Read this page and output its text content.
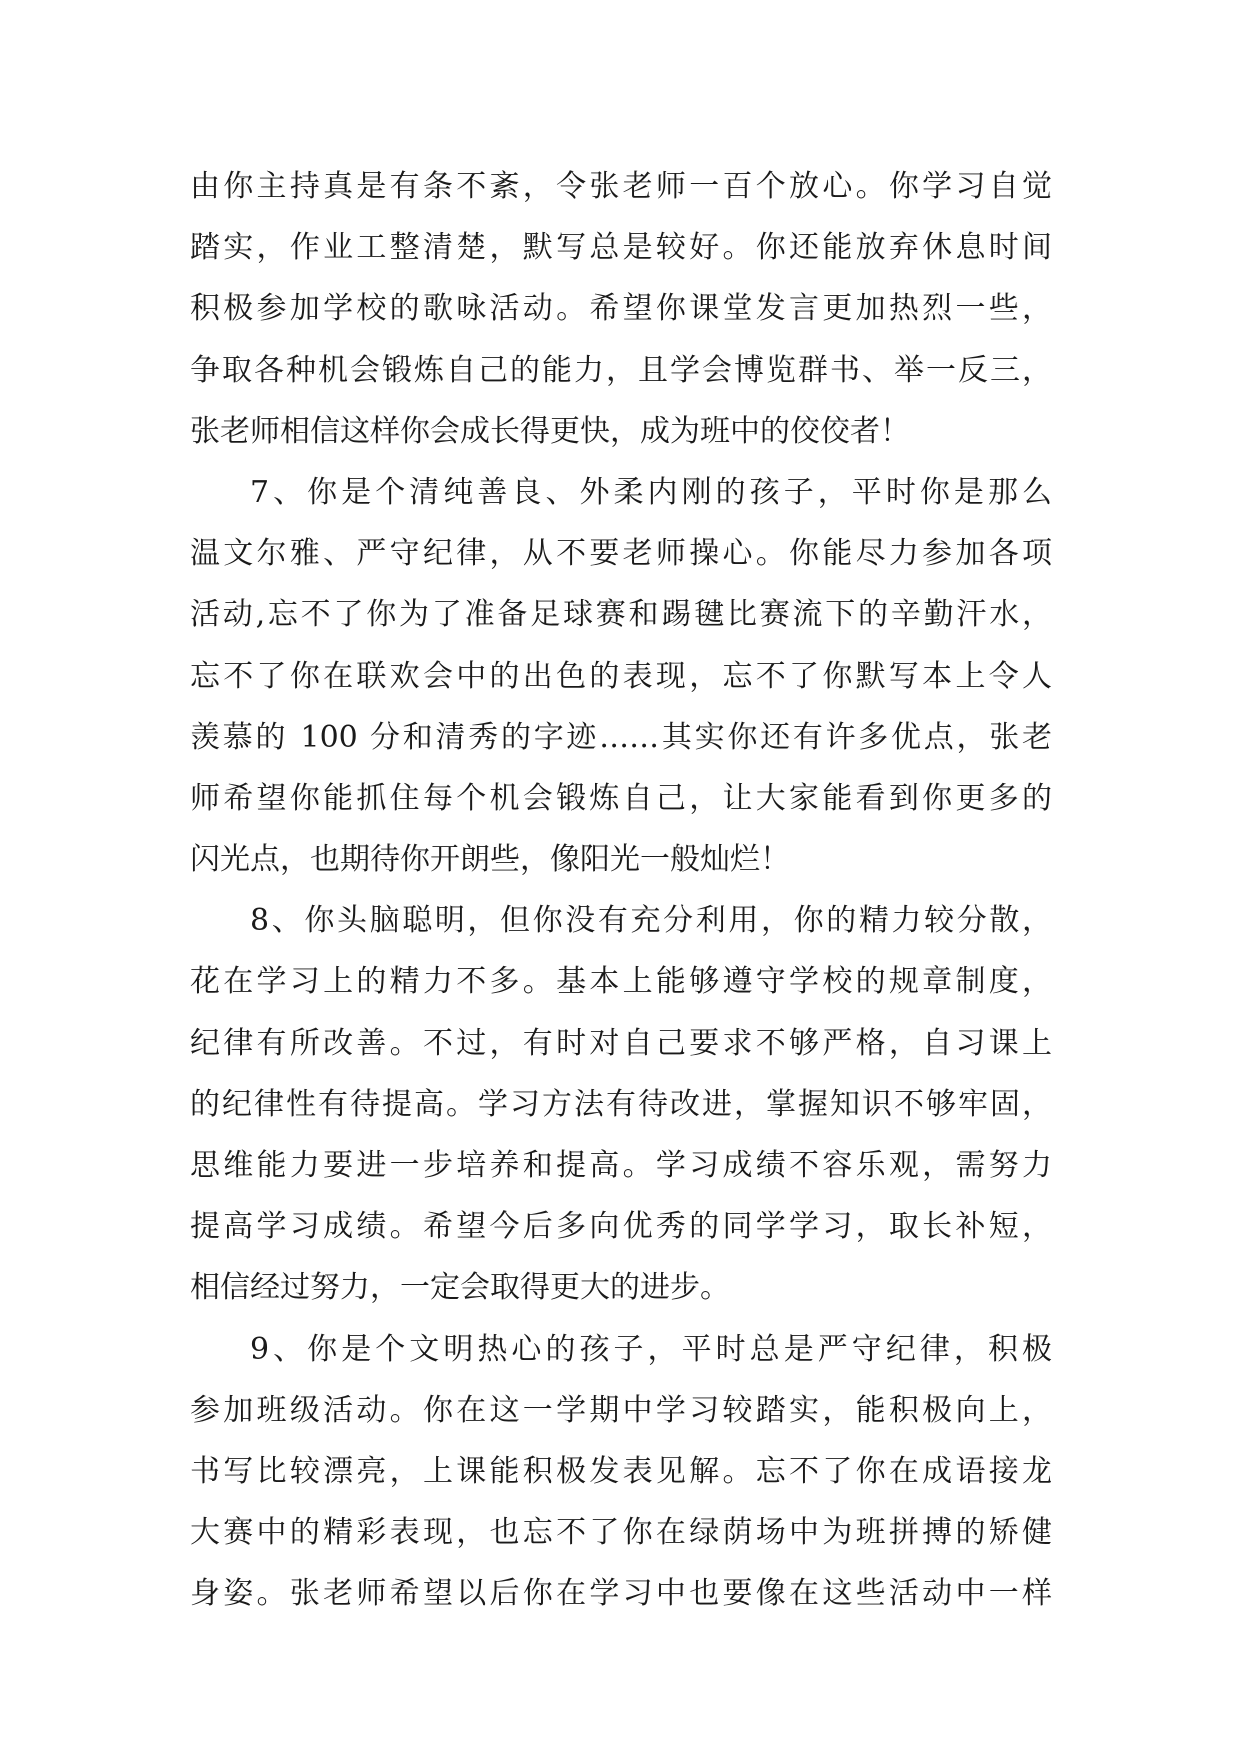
由你主持真是有条不紊，令张老师一百个放心。你学习自觉
踏实，作业工整清楚，默写总是较好。你还能放弃休息时间
积极参加学校的歌咏活动。希望你课堂发言更加热烈一些，
争取各种机会锻炼自己的能力，且学会博览群书、举一反三，
张老师相信这样你会成长得更快，成为班中的佼佼者！
7、你是个清纯善良、外柔内刚的孩子，平时你是那么
温文尔雅、严守纪律，从不要老师操心。你能尽力参加各项
活动,忘不了你为了准备足球赛和踢毽比赛流下的辛勤汗水，
忘不了你在联欢会中的出色的表现，忘不了你默写本上令人
羡慕的 100 分和清秀的字迹……其实你还有许多优点，张老
师希望你能抓住每个机会锻炼自己，让大家能看到你更多的
闪光点，也期待你开朗些，像阳光一般灿烂！
8、你头脑聪明，但你没有充分利用，你的精力较分散，
花在学习上的精力不多。基本上能够遵守学校的规章制度，
纪律有所改善。不过，有时对自己要求不够严格，自习课上
的纪律性有待提高。学习方法有待改进，掌握知识不够牢固，
思维能力要进一步培养和提高。学习成绩不容乐观，需努力
提高学习成绩。希望今后多向优秀的同学学习，取长补短，
相信经过努力，一定会取得更大的进步。
9、你是个文明热心的孩子，平时总是严守纪律，积极
参加班级活动。你在这一学期中学习较踏实，能积极向上，
书写比较漂亮，上课能积极发表见解。忘不了你在成语接龙
大赛中的精彩表现，也忘不了你在绿荫场中为班拼搏的矫健
身姿。张老师希望以后你在学习中也要像在这些活动中一样
